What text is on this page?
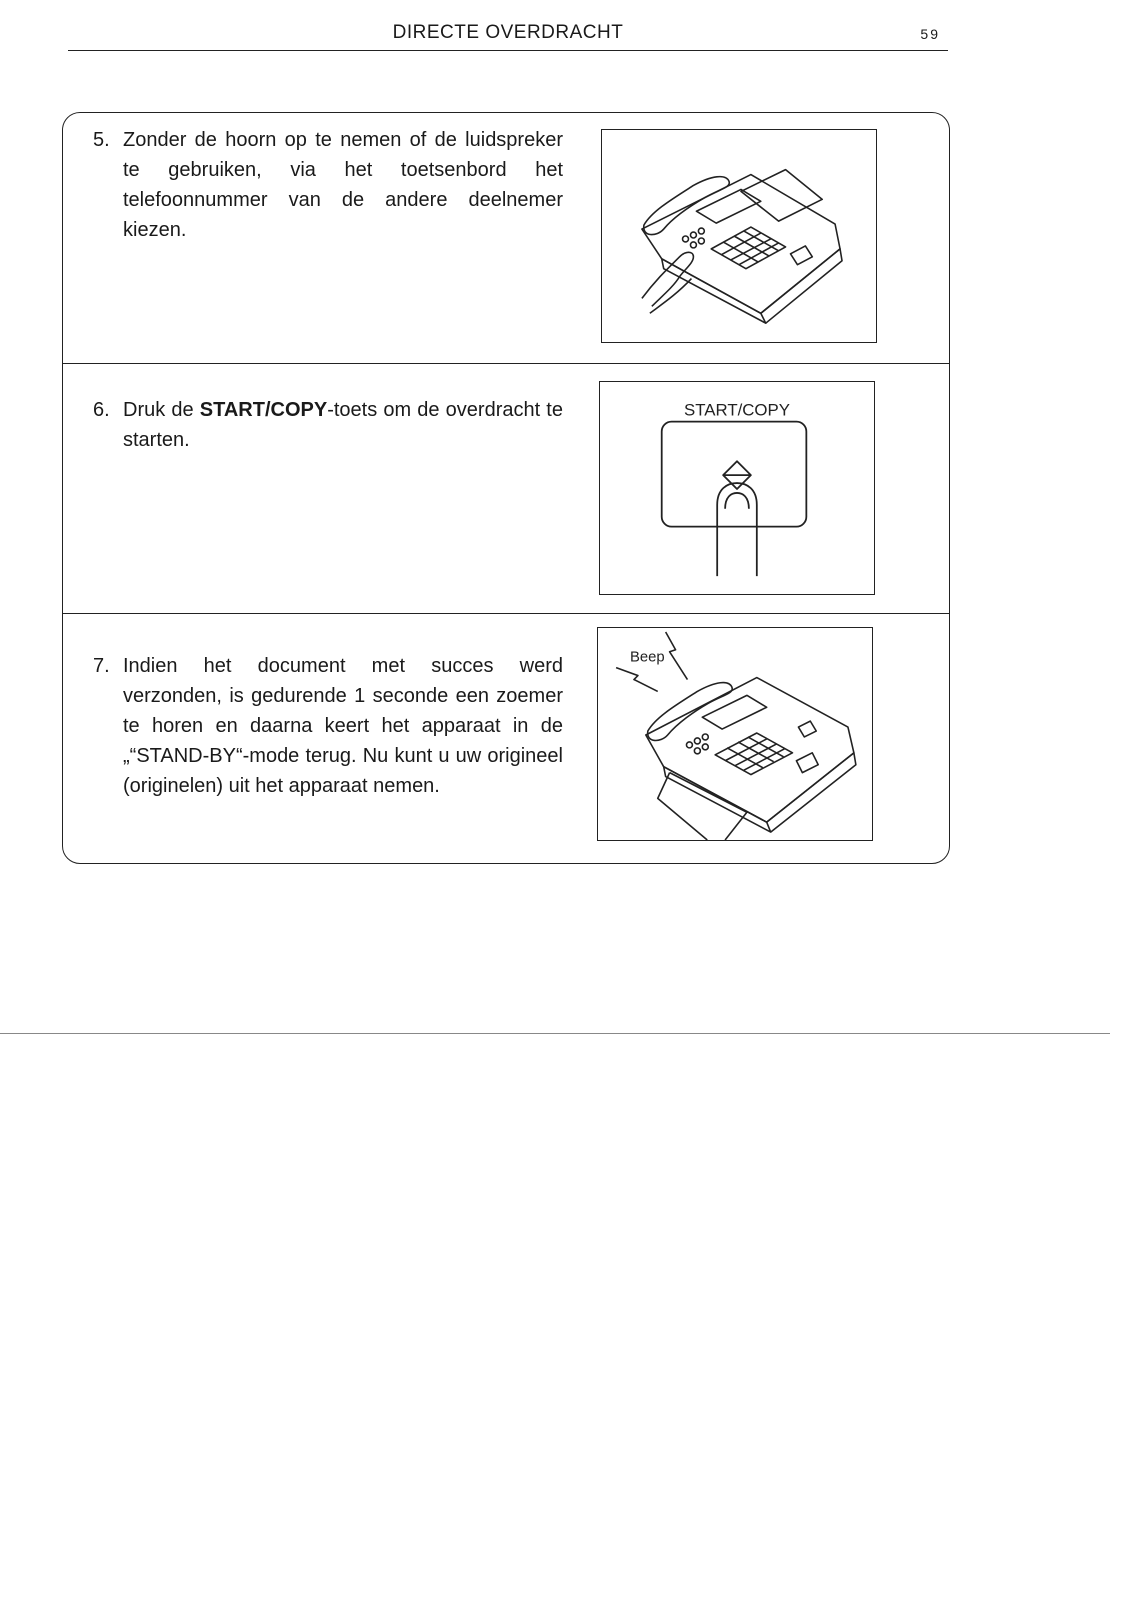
DIRECTE OVERDRACHT	59
5. Zonder de hoorn op te nemen of de luidspreker te gebruiken, via het toetsenbord het telefoonnummer van de andere deelnemer kiezen.
6. Druk de START/COPY-toets om de overdracht te starten.
START/COPY
7. Indien het document met succes werd verzonden, is gedurende 1 seconde een zoemer te horen en daarna keert het apparaat in de „“STAND-BY“-mode terug. Nu kunt u uw origineel (originelen) uit het apparaat nemen.
Beep
